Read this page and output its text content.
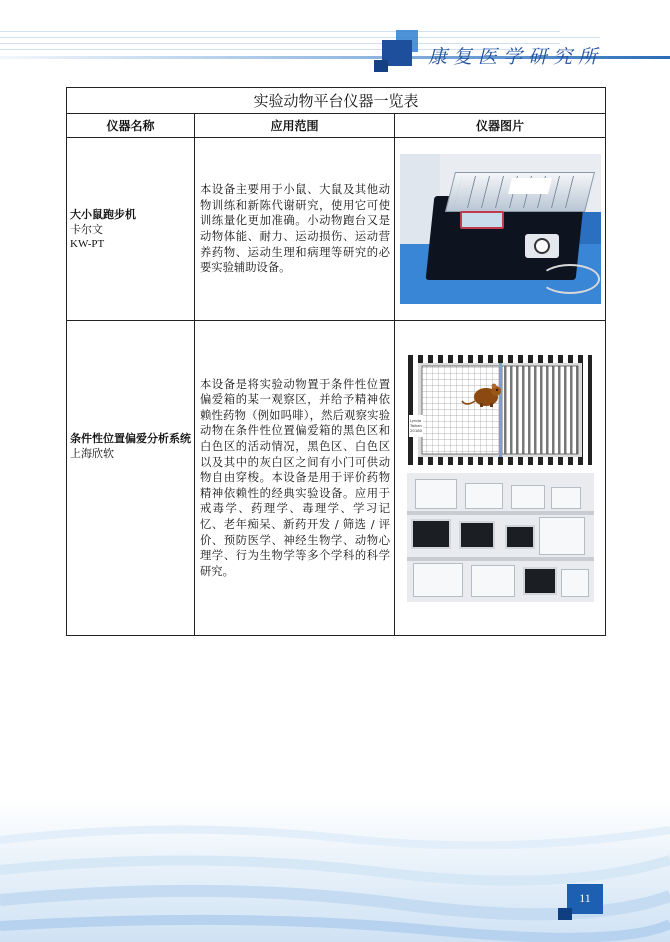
康复医学研究所
实验动物平台仪器一览表		
仪器名称	应用范围	仪器图片

大小鼠跑步机
卡尔文
KW-PT	本设备主要用于小鼠、大鼠及其他动物训练和新陈代谢研究，使用它可使训练量化更加准确。小动物跑台又是动物体能、耐力、运动损伤、运动营养药物、运动生理和病理等研究的必要实验辅助设备。	

条件性位置偏爱分析系统
上海欣软	本设备是将实验动物置于条件性位置偏爱箱的某一观察区，并给予精神依赖性药物（例如吗啡），然后观察实验动物在条件性位置偏爱箱的黑色区和白色区的活动情况，黑色区、白色区以及其中的灰白区之间有小门可供动物自由穿梭。本设备是用于评价药物精神依赖性的经典实验设备。应用于戒毒学、药理学、毒理学、学习记忆、老年痴呆、新药开发 / 筛选 / 评价、预防医学、神经生物学、动物心理学、行为生物学等多个学科的科学研究。	Lynda
Taikan
20180
11
